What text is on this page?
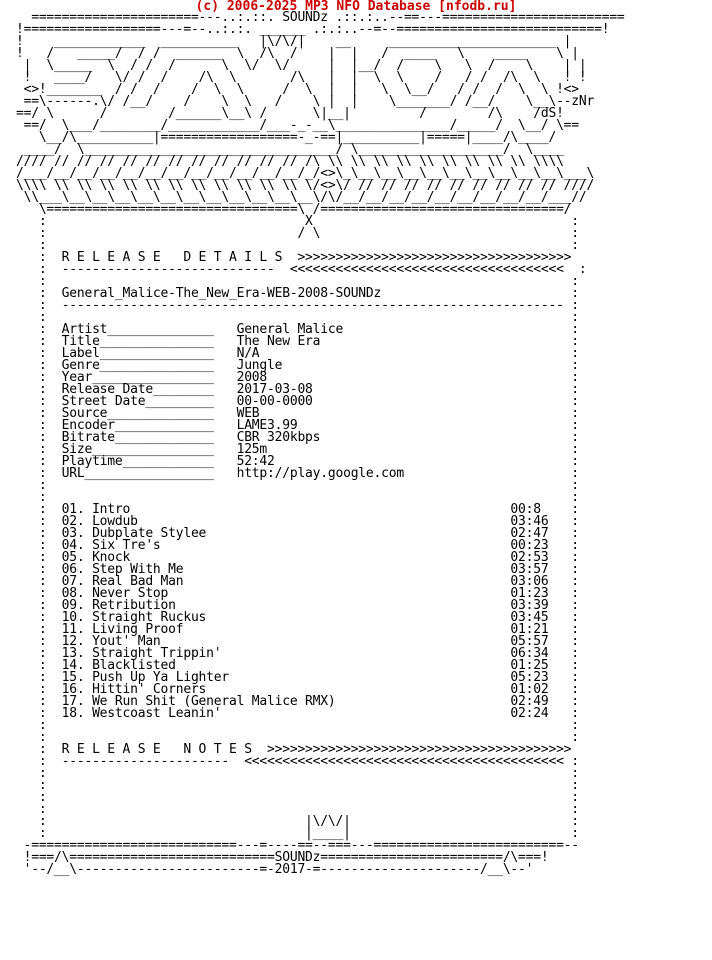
(c) 2006-2025 MP3 NFO Database [nfodb.ru]
======================---..:.::. SOUNDz .::.:..--==---========================
!==================---=--..:.:. ______ .:.:..--=--===========================!
!    ____________  __________   |\/\/|    __     ______________________ |
!   /   _____/  / /  ______  \  /\  /    |  |   /  ____   \    ____    \ |
|  \_____  \  / /  /      \  \/  \/     |  |__/  /    \   \  /    \    | |
!   ____/   \/ /  /    /\  \       /\   |  |  \  \    /   / /  /\  \   ! !
<>!_______  / /  /    /  \  \     /  \  |  |   \  \__/   / /  /  \  \ !<>
==\------.\/ /__/    /    \  \   /    \ |  |    \_______/ /__/    \__\--zNr
==/ \      /        /______\__\ /      \|__|         /        /\    /dS!
==/  \___/________/____________/___-_-__\_______________/_____/  \__/ \==
\__/\__________|==================-_-==|__________|=====|____/\____/
____/  \_________________________________/ \___________________/  \____
//// // // // // // // // // // // // /\ \\ \\ \\ \\ \\ \\ \\ \\ \\ \\\\
/___/__/__/__/__/__/__/__/__/__/__/__/_/<>\_\__\__\__\__\__\__\__\__\__\___\
\\\\ \\ \\ \\ \\ \\ \\ \\ \\ \\ \\ \\ \/<>\/ // // // // // // // // // ////
\\___\__\__\__\__\__\__\__\__\__\__\__\/\/__/__/__/__/__/__/__/__/__/___//
\=================================\ /================================/
:                                  X                                  :
:                                 / \                                 :
:                                                                     :
:  R E L E A S E   D E T A I L S  >>>>>>>>>>>>>>>>>>>>>>>>>>>>>>>>>>>>
:  ----------------------------  <<<<<<<<<<<<<<<<<<<<<<<<<<<<<<<<<<<<  :
:                                                                     :
:  General_Malice-The_New_Era-WEB-2008-SOUNDz                         :
:  ------------------------------------------------------------------ :
:                                                                     :
:  Artist______________   General Malice                              :
:  Title_______________   The New Era                                 :
:  Label_______________   N/A                                         :
:  Genre_______________   Jungle                                      :
:  Year________________   2008                                        :
:  Release Date________   2017-03-08                                  :
:  Street Date_________   00-00-0000                                  :
:  Source______________   WEB                                         :
:  Encoder_____________   LAME3.99                                    :
:  Bitrate_____________   CBR 320kbps                                 :
:  Size________________   125m                                        :
:  Playtime____________   52:42                                       :
:  URL_________________   http://play.google.com                      :
:                                                                     :
:                                                                     :
:  01. Intro                                                  00:8    :
:  02. Lowdub                                                 03:46   :
:  03. Dubplate Stylee                                        02:47   :
:  04. Six Tre's                                              00:23   :
:  05. Knock                                                  02:53   :
:  06. Step With Me                                           03:57   :
:  07. Real Bad Man                                           03:06   :
:  08. Never Stop                                             01:23   :
:  09. Retribution                                            03:39   :
:  10. Straight Ruckus                                        03:45   :
:  11. Living Proof                                           01:21   :
:  12. Yout' Man                                              05:57   :
:  13. Straight Trippin'                                      06:34   :
:  14. Blacklisted                                            01:25   :
:  15. Push Up Ya Lighter                                     05:23   :
:  16. Hittin' Corners                                        01:02   :
:  17. We Run Shit (General Malice RMX)                       02:49   :
:  18. Westcoast Leanin'                                      02:24   :
:                                                                     :
:                                                                     :
:  R E L E A S E   N O T E S  >>>>>>>>>>>>>>>>>>>>>>>>>>>>>>>>>>>>>>>>
:  ----------------------  <<<<<<<<<<<<<<<<<<<<<<<<<<<<<<<<<<<<<<<<<< :
:                                                                     :
:                                                                     :
:                                                                     :
:                                                                     :
:                                  |\/\/|                             :
:                                  |____|                             :
-===========================---=----==--===---=========================--
!===/\===========================SOUNDz========================/\===!
'--/__\------------------------=-2017-=---------------------/__\--'
